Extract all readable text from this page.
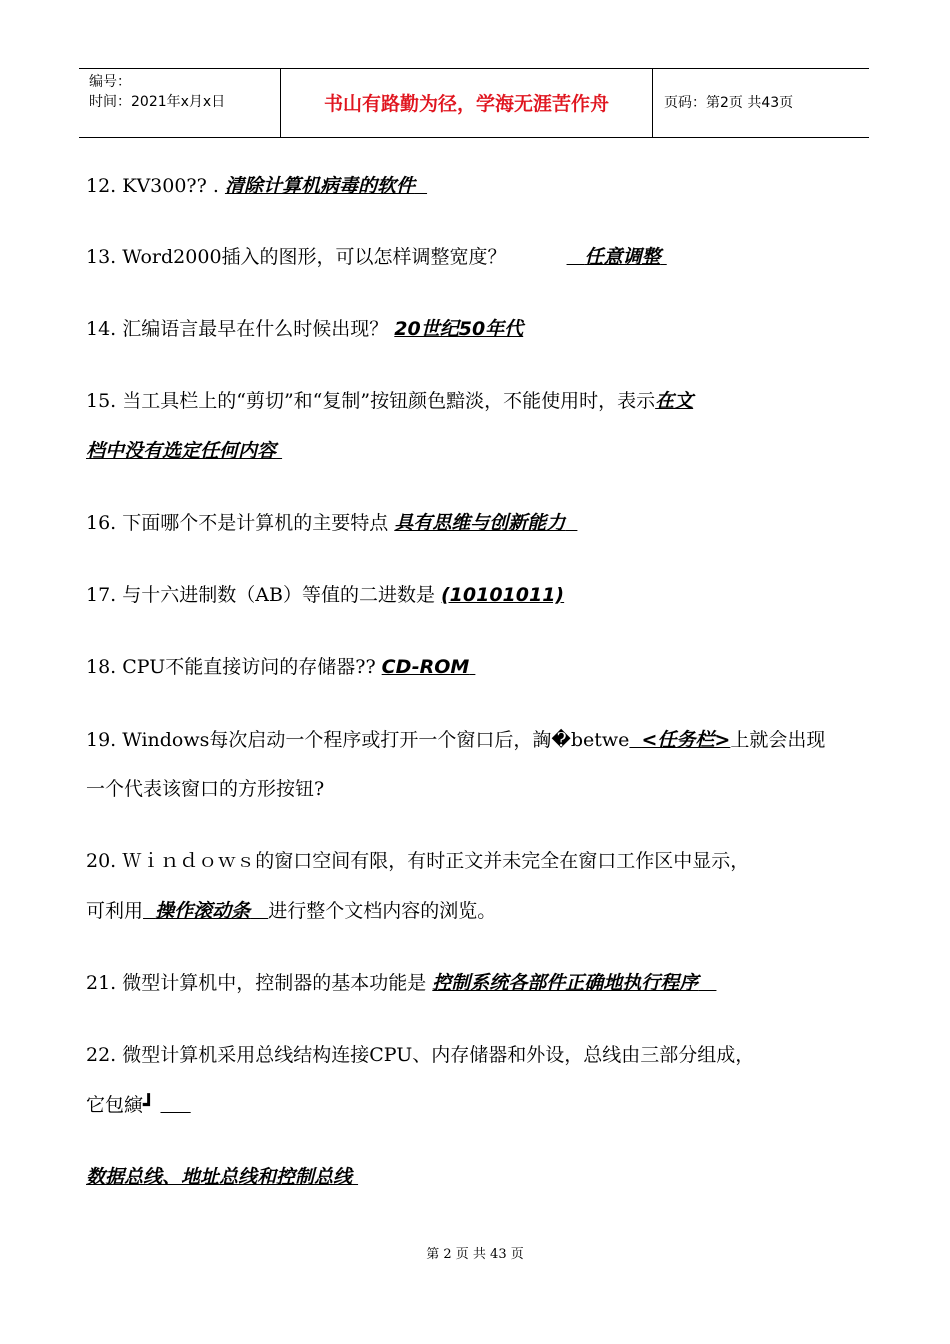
编号：
时间：2021年x月x日	书山有路勤为径，学海无涯苦作舟	页码：第2页 共43页
12. KV300?? . 清除计算机病毒的软件
13. Word2000插入的图形，可以怎样调整宽度？	任意调整
14. 汇编语言最早在什么时候出现？ 20世纪50年代
15. 当工具栏上的“剪切”和“复制”按钮颜色黯淡，不能使用时，表示在文
档中没有选定任何内容
16. 下面哪个不是计算机的主要特点 具有思维与创新能力
17. 与十六进制数（AB）等值的二进数是 (10101011)
18. CPU不能直接访问的存储器?? CD-ROM
19. Windows每次启动一个程序或打开一个窗口后，詾�betwe <任务栏>上就会出现
一个代表该窗口的方形按钮?
20. Ｗｉｎｄｏｗｓ的窗口空间有限，有时正文并未完全在窗口工作区中显示，
可利用 操作滚动条 进行整个文档内容的浏览。
21. 微型计算机中，控制器的基本功能是 控制系统各部件正确地执行程序
22. 微型计算机采用总线结构连接CPU、内存储器和外设，总线由三部分组成，
它包縯┛
数据总线、地址总线和控制总线
第 2 页 共 43 页
